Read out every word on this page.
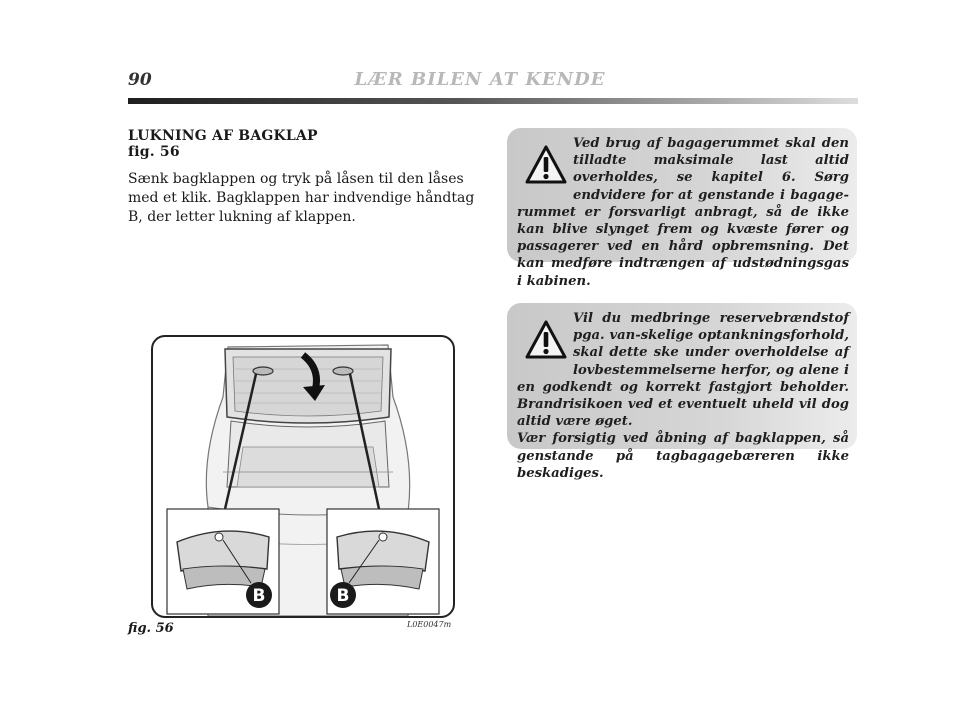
90	LÆR BILEN AT KENDE
LUKNING AF BAGKLAP
fig. 56
Sænk bagklappen og tryk på låsen til den låses med et klik. Bagklappen har indvendige håndtag B, der letter lukning af klappen.
Ved brug af bagagerummet skal den tilladte maksimale last altid overholdes, se kapitel 6. Sørg endvidere for at genstande i bagage-rummet er forsvarligt anbragt, så de ikke kan blive slynget frem og kvæste fører og passagerer ved en hård opbremsning. Det kan medføre indtrængen af udstødningsgas i kabinen.
Vil du medbringe reservebrændstof pga. van-skelige optankningsforhold, skal dette ske under overholdelse af lovbestemmelserne herfor, og alene i en godkendt og korrekt fastgjort beholder. Brandrisikoen ved et eventuelt uheld vil dog altid være øget.
Vær forsigtig ved åbning af bagklappen, så genstande på tagbagagebæreren ikke beskadiges.
B	B
fig. 56	L0E0047m
